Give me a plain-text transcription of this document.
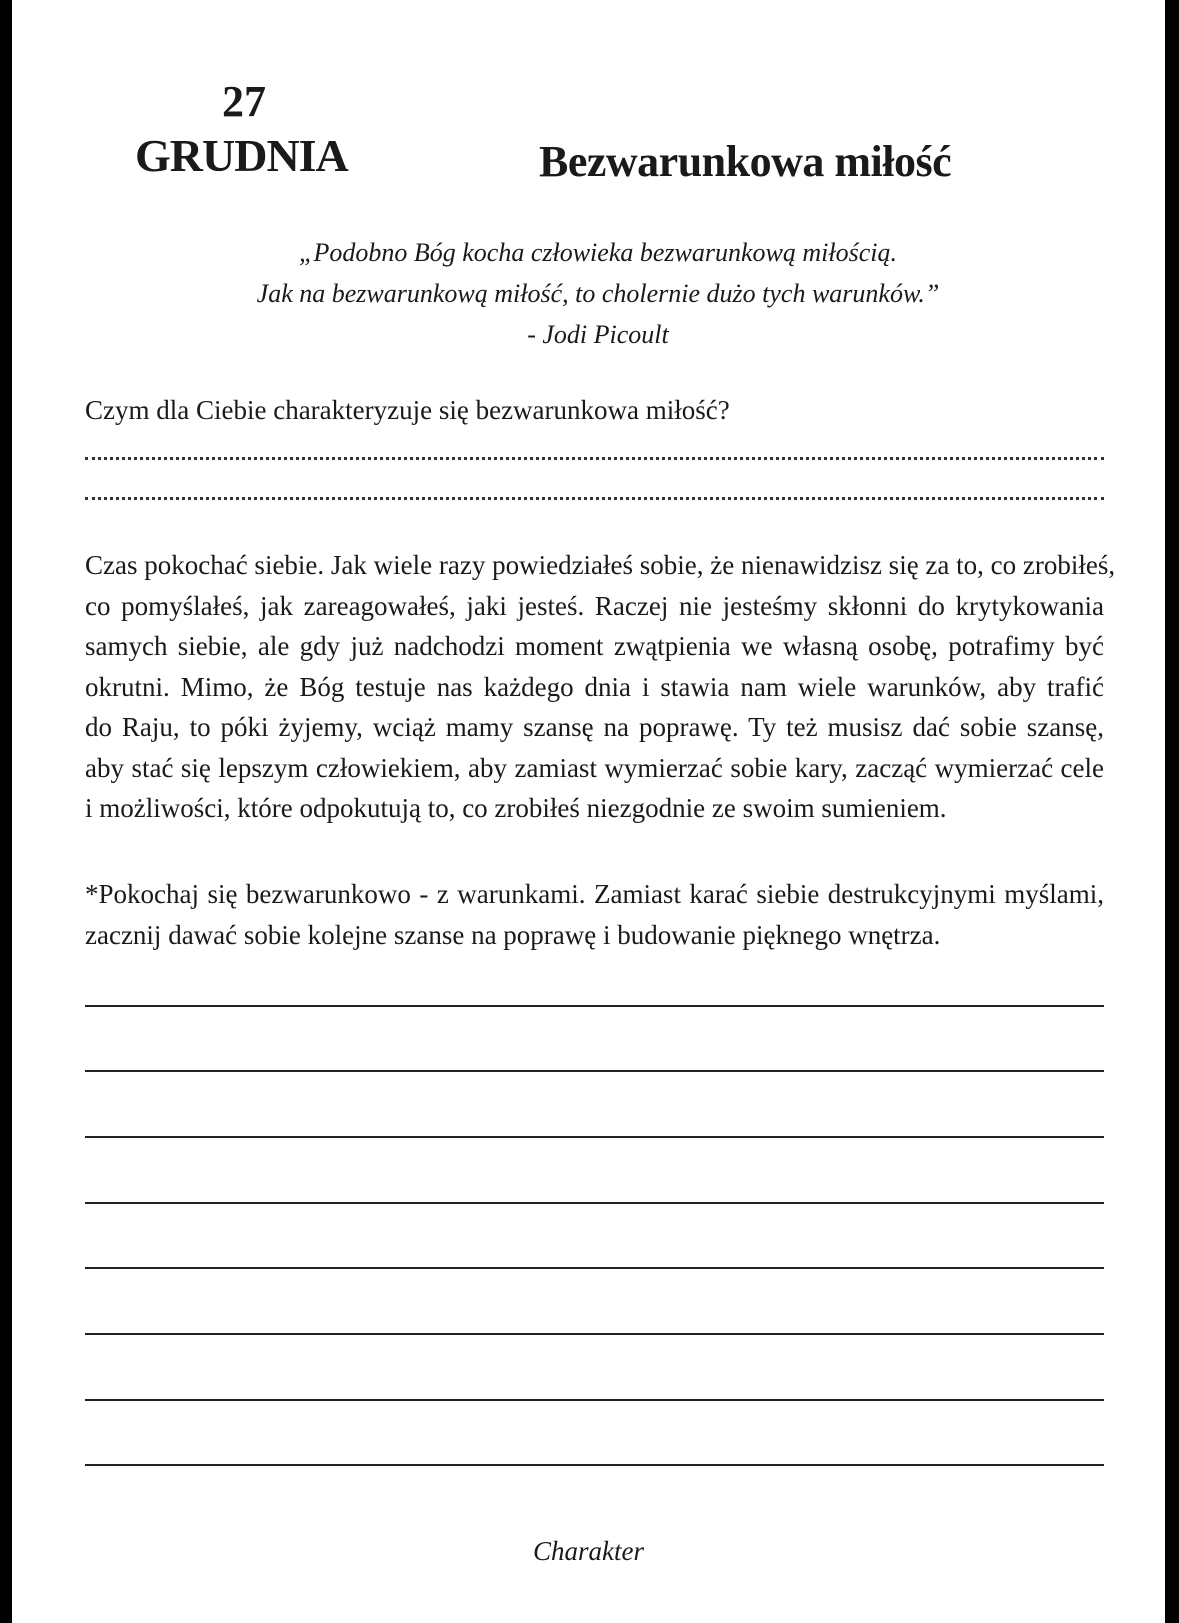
27
GRUDNIA	Bezwarunkowa miłość
„Podobno Bóg kocha człowieka bezwarunkową miłością.
Jak na bezwarunkową miłość, to cholernie dużo tych warunków.”
- Jodi Picoult
Czym dla Ciebie charakteryzuje się bezwarunkowa miłość?
Czas pokochać siebie. Jak wiele razy powiedziałeś sobie, że nienawidzisz się za to, co zrobiłeś,
co pomyślałeś, jak zareagowałeś, jaki jesteś. Raczej nie jesteśmy skłonni do krytykowania
samych siebie, ale gdy już nadchodzi moment zwątpienia we własną osobę, potrafimy być
okrutni. Mimo, że Bóg testuje nas każdego dnia i stawia nam wiele warunków, aby trafić
do Raju, to póki żyjemy, wciąż mamy szansę na poprawę. Ty też musisz dać sobie szansę,
aby stać się lepszym człowiekiem, aby zamiast wymierzać sobie kary, zacząć wymierzać cele
i możliwości, które odpokutują to, co zrobiłeś niezgodnie ze swoim sumieniem.
*Pokochaj się bezwarunkowo - z warunkami. Zamiast karać siebie destrukcyjnymi myślami,
zacznij dawać sobie kolejne szanse na poprawę i budowanie pięknego wnętrza.
Charakter
